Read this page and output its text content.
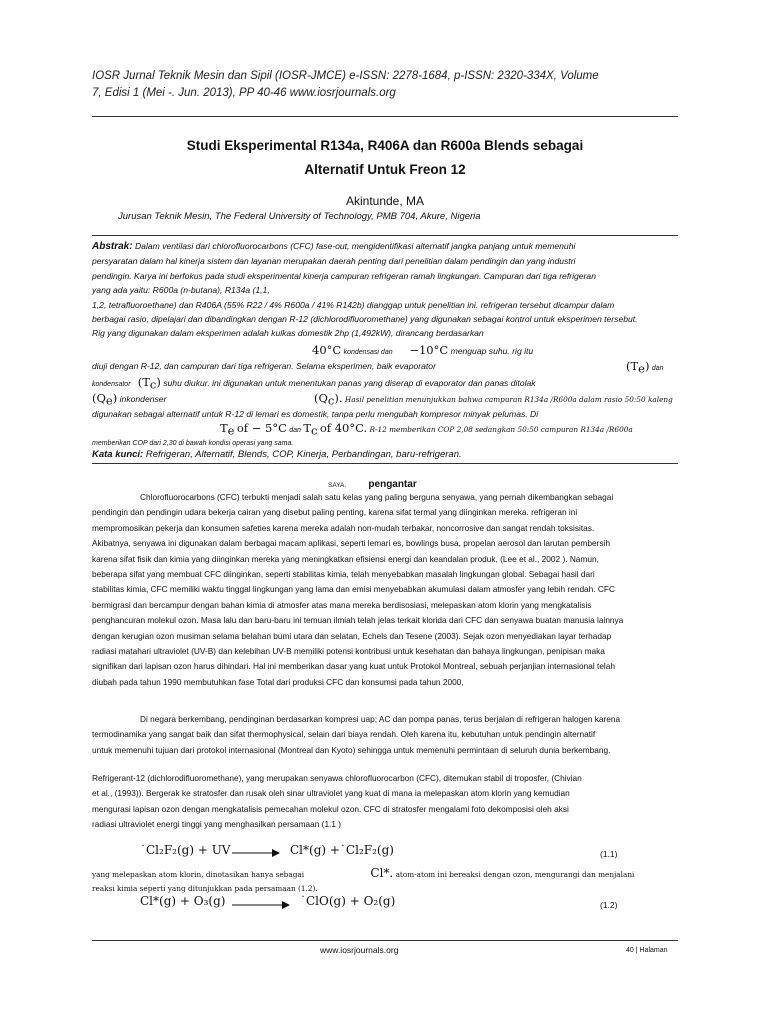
IOSR Jurnal Teknik Mesin dan Sipil (IOSR-JMCE) e-ISSN: 2278-1684, p-ISSN: 2320-334X, Volume
7, Edisi 1 (Mei -. Jun. 2013), PP 40-46 www.iosrjournals.org
Studi Eksperimental R134a, R406A dan R600a Blends sebagai
Alternatif Untuk Freon 12
Akintunde, MA
Jurusan Teknik Mesin, The Federal University of Technology, PMB 704, Akure, Nigeria
Abstrak: Dalam ventilasi dari chlorofluorocarbons (CFC) fase-out, mengidentifikasi alternatif jangka panjang untuk memenuhi
persyaratan dalam hal kinerja sistem dan layanan merupakan daerah penting dari penelitian dalam pendingin dan yang industri
pendingin. Karya ini berfokus pada studi eksperimental kinerja campuran refrigeran ramah lingkungan. Campuran dari tiga refrigeran
yang ada yaitu: R600a (n-butana), R134a (1,1,
1,2, tetrafluoroethane) dan R406A (55% R22 / 4% R600a / 41% R142b) dianggap untuk penelitian ini. refrigeran tersebut dicampur dalam
berbagai rasio, dipelajari dan dibandingkan dengan R-12 (dichlorodifluoromethane) yang digunakan sebagai kontrol untuk eksperimen tersebut.
Rig yang digunakan dalam eksperimen adalah kulkas domestik 2hp (1,492kW), dirancang berdasarkan
40°C kondensasi dan −10°C menguap suhu. rig itu
diuji dengan R-12, dan campuran dari tiga refrigeran. Selama eksperimen, baik evaporator	$(T_e)$ dan
kondensator $(T_c)$ suhu diukur. ini digunakan untuk menentukan panas yang diserap di evaporator dan panas ditolak
$(Q_e)$ inkondenser	$(Q_c)$. Hasil penelitian menunjukkan bahwa campuran R134a /R600a dalam rasio 50:50 kaleng
digunakan sebagai alternatif untuk R-12 di lemari es domestik, tanpa perlu mengubah kompresor minyak pelumas. Di
$T_e$ of − 5°C dan $T_c$ of 40°C. R-12 memberikan COP 2,08 sedangkan 50:50 campuran R134a /R600a
memberikan COP dari 2,30 di bawah kondisi operasi yang sama.
Kata kunci: Refrigeran, Alternatif, Blends, COP, Kinerja, Perbandingan, baru-refrigeran.
SAYA. pengantar
Chlorofluorocarbons (CFC) terbukti menjadi salah satu kelas yang paling berguna senyawa, yang pernah dikembangkan sebagai
pendingin dan pendingin udara bekerja cairan yang disebut paling penting, karena sifat termal yang diinginkan mereka. refrigeran ini
mempromosikan pekerja dan konsumen safeties karena mereka adalah non-mudah terbakar, noncorrosive dan sangat rendah toksisitas.
Akibatnya, senyawa ini digunakan dalam berbagai macam aplikasi, seperti lemari es, bowlings busa, propelan aerosol dan larutan pembersih
karena sifat fisik dan kimia yang diinginkan mereka yang meningkatkan efisiensi energi dan keandalan produk, (Lee et al., 2002 ). Namun,
beberapa sifat yang membuat CFC diinginkan, seperti stabilitas kimia, telah menyebabkan masalah lingkungan global. Sebagai hasil dari
stabilitas kimia, CFC memiliki waktu tinggal lingkungan yang lama dan emisi menyebabkan akumulasi dalam atmosfer yang lebih rendah. CFC
bermigrasi dan bercampur dengan bahan kimia di atmosfer atas mana mereka berdisosiasi, melepaskan atom klorin yang mengkatalisis
penghancuran molekul ozon. Masa lalu dan baru-baru ini temuan ilmiah telah jelas terkait klorida dari CFC dan senyawa buatan manusia lainnya
dengan kerugian ozon musiman selama belahan bumi utara dan selatan, Echels dan Tesene (2003). Sejak ozon menyediakan layar terhadap
radiasi matahari ultraviolet (UV-B) dan kelebihan UV-B memiliki potensi kontribusi untuk kesehatan dan bahaya lingkungan, penipisan maka
signifikan dari lapisan ozon harus dihindari. Hal ini memberikan dasar yang kuat untuk Protokol Montreal, sebuah perjanjian internasional telah
diubah pada tahun 1990 membutuhkan fase Total dari produksi CFC dan konsumsi pada tahun 2000,
Di negara berkembang, pendinginan berdasarkan kompresi uap; AC dan pompa panas, terus berjalan di refrigeran halogen karena
termodinamika yang sangat baik dan sifat thermophysical, selain dari biaya rendah. Oleh karena itu, kebutuhan untuk pendingin alternatif
untuk memenuhi tujuan dari protokol internasional (Montreal dan Kyoto) sehingga untuk memenuhi permintaan di seluruh dunia berkembang.
Refrigerant-12 (dichlorodifluoromethane), yang merupakan senyawa chlorofluorocarbon (CFC), ditemukan stabil di troposfer, (Chivian
et al., (1993)). Bergerak ke stratosfer dan rusak oleh sinar ultraviolet yang kuat di mana ia melepaskan atom klorin yang kemudian
mengurasi lapisan ozon dengan mengkatalisis pemecahan molekul ozon. CFC di stratosfer mengalami foto dekomposisi oleh aksi
radiasi ultraviolet energi tinggi yang menghasilkan persamaan (1.1 )
˙Cl₂F₂(g) + UV → Cl*(g) +˙Cl₂F₂(g)	(1.1)
yang melepaskan atom klorin, dinotasikan hanya sebagai	Cl*. atom-atom ini bereaksi dengan ozon, mengurangi dan menjalani
reaksi kimia seperti yang ditunjukkan pada persamaan (1.2).
Cl*(g) + O₃(g) → ˙ClO(g) + O₂(g)	(1.2)
www.iosrjournals.org	40 | Halaman
